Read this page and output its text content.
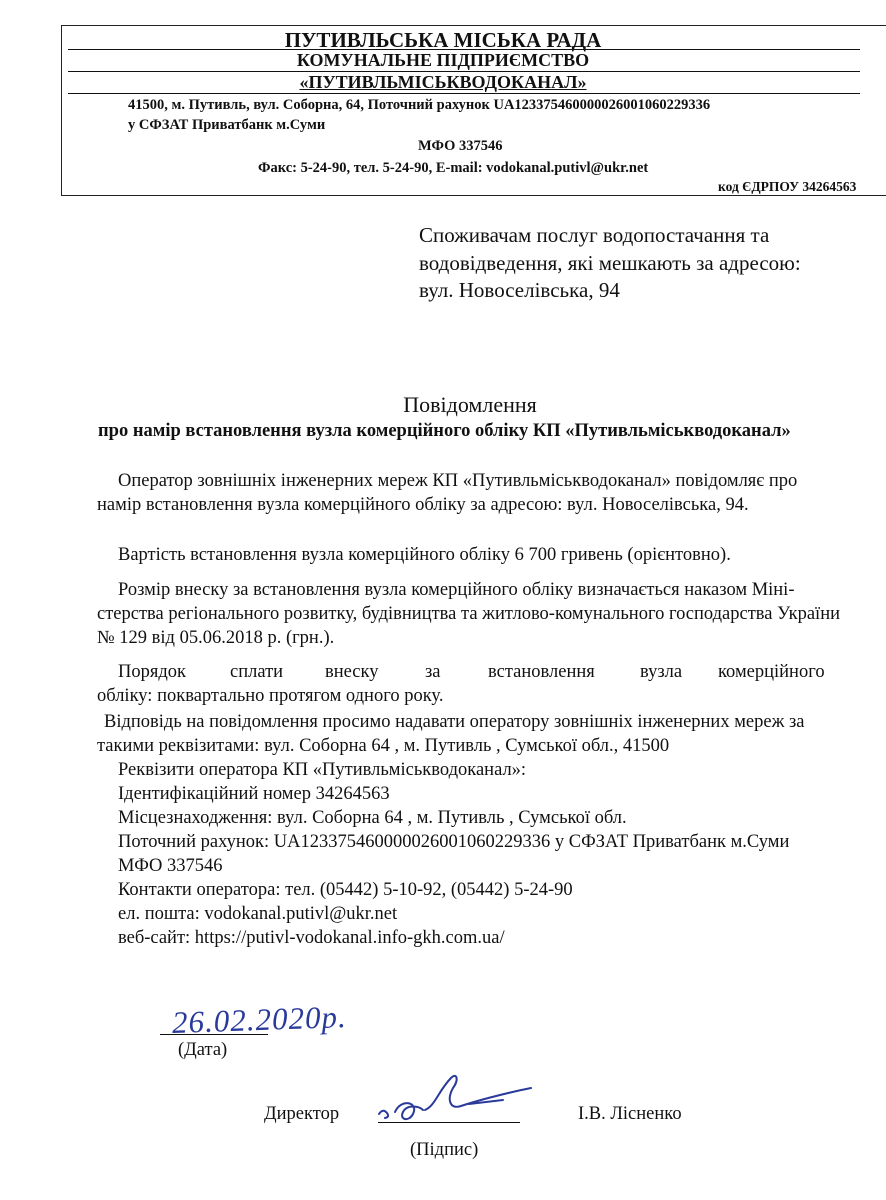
ПУТИВЛЬСЬКА МІСЬКА РАДА
КОМУНАЛЬНЕ ПІДПРИЄМСТВО
«ПУТИВЛЬМІСЬКВОДОКАНАЛ»
41500, м. Путивль, вул. Соборна, 64, Поточний рахунок UA123375460000026001060229336
у СФЗАТ Приватбанк м.Суми
МФО 337546
Факс: 5-24-90, тел. 5-24-90, E-mail: vodokanal.putivl@ukr.net
код ЄДРПОУ 34264563
Споживачам послуг водопостачання та
водовідведення, які мешкають за адресою:
вул. Новоселівська, 94
Повідомлення
про намір встановлення вузла комерційного обліку КП «Путивльміськводоканал»
Оператор зовнішніх інженерних мереж КП «Путивльміськводоканал» повідомляє про
намір встановлення вузла комерційного обліку за адресою: вул. Новоселівська, 94.
Вартість встановлення вузла комерційного обліку 6 700 гривень (орієнтовно).
Розмір внеску за встановлення вузла комерційного обліку визначається наказом Міні-
стерства регіонального розвитку, будівництва та житлово-комунального господарства України
№ 129 від 05.06.2018 р. (грн.).
Порядок сплати внеску	за	встановлення вузла комерційного
обліку: поквартально протягом одного року.
Відповідь на повідомлення просимо надавати оператору зовнішніх інженерних мереж за
такими реквізитами: вул. Соборна 64 , м. Путивль , Сумської обл., 41500
Реквізити оператора КП «Путивльміськводоканал»:
Ідентифікаційний номер 34264563
Місцезнаходження: вул. Соборна 64 , м. Путивль , Сумської обл.
Поточний рахунок: UA123375460000026001060229336 у СФЗАТ Приватбанк м.Суми
МФО 337546
Контакти оператора: тел. (05442) 5-10-92, (05442) 5-24-90
ел. пошта: vodokanal.putivl@ukr.net
веб-сайт: https://putivl-vodokanal.info-gkh.com.ua/
26.02.2020р.
(Дата)
Директор
(Підпис)
І.В. Лісненко
